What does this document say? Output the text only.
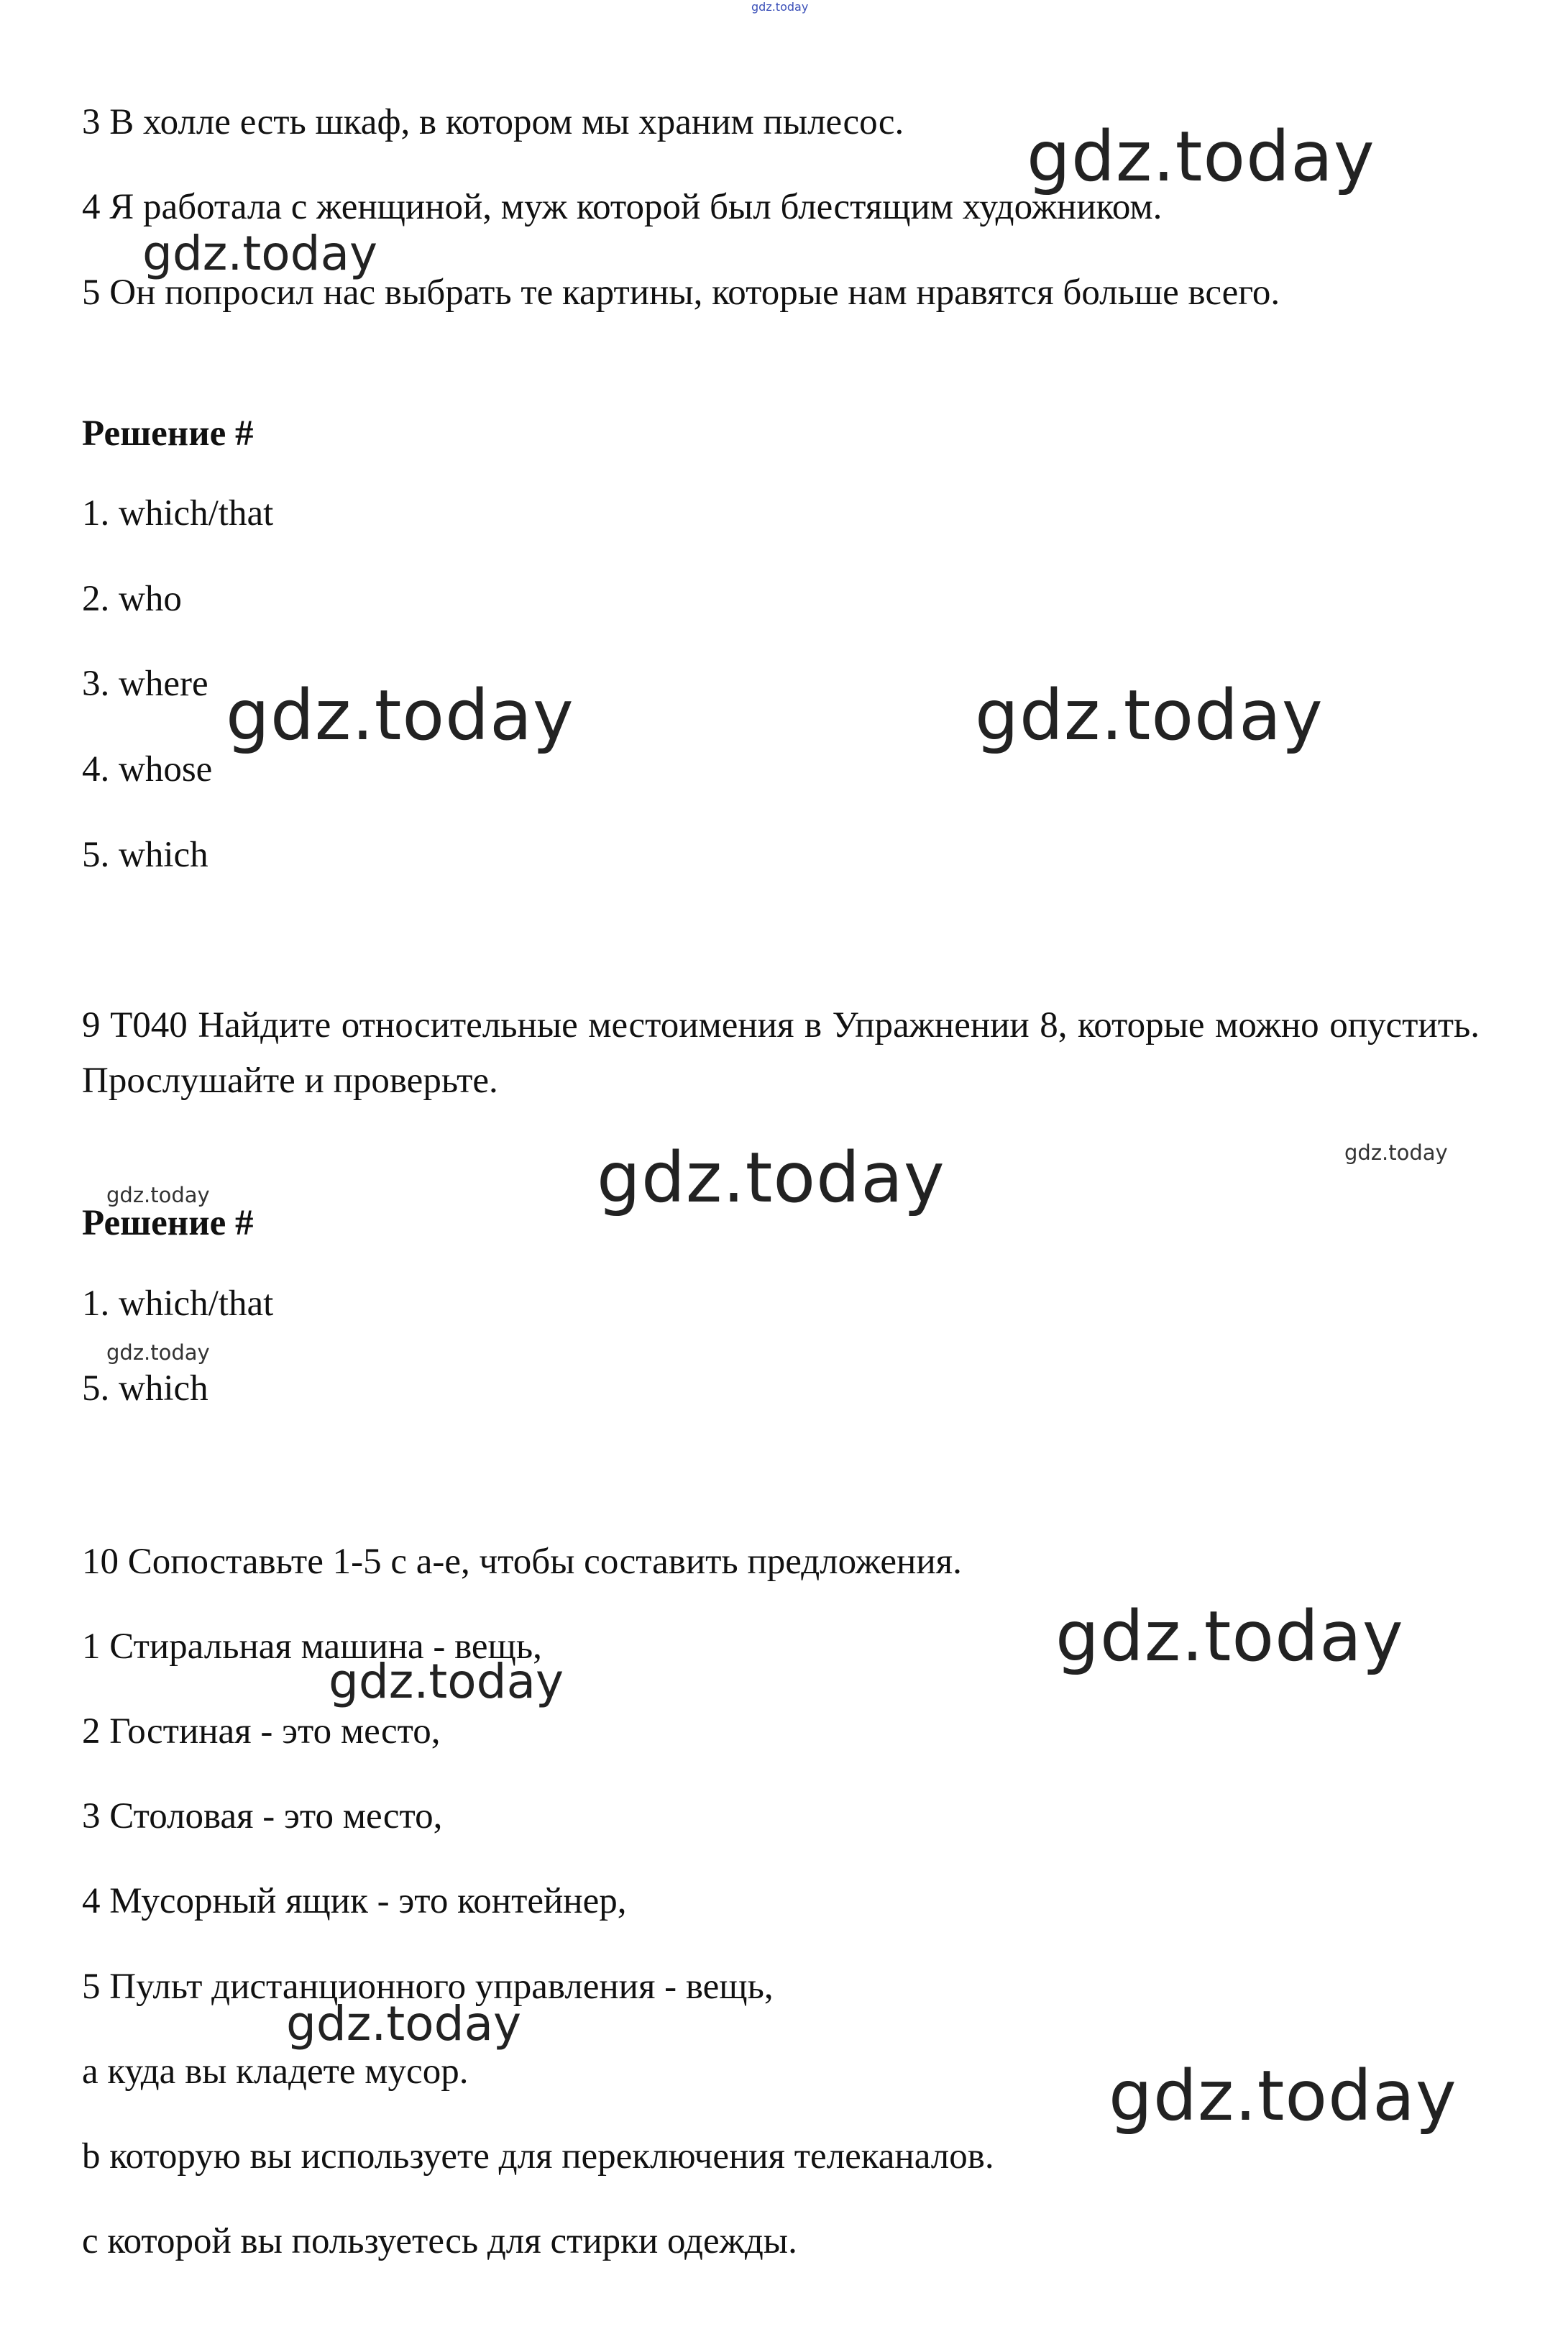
gdz.today
3 В холле есть шкаф, в котором мы храним пылесос.
4 Я работала с женщиной, муж которой был блестящим художником.
5 Он попросил нас выбрать те картины, которые нам нравятся больше всего.
Решение #
1. which/that
2. who
3. where
4. whose
5. which
9 T040 Найдите относительные местоимения в Упражнении 8, которые можно опустить. Прослушайте и проверьте.
Решение #
1. which/that
5. which
10 Сопоставьте 1-5 с a-e, чтобы составить предложения.
1 Стиральная машина - вещь,
2 Гостиная - это место,
3 Столовая - это место,
4 Мусорный ящик - это контейнер,
5 Пульт дистанционного управления - вещь,
a куда вы кладете мусор.
b которую вы используете для переключения телеканалов.
c которой вы пользуетесь для стирки одежды.
gdz.today
gdz.today
gdz.today	gdz.today
gdz.today	gdz.today
gdz.today
gdz.today
gdz.today
gdz.today
gdz.today
gdz.today
